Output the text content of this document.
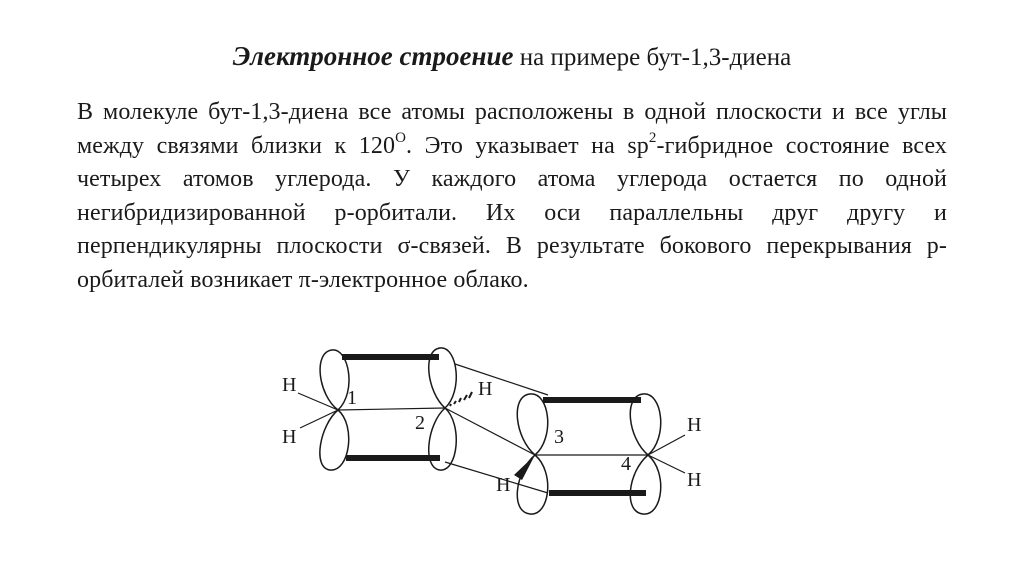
Электронное строение на примере бут-1,3-диена
В молекуле бут-1,3-диена все атомы расположены в одной плоскости и все углы между связями близки к $120^О$. Это указывает на $sp^2$-гибридное состояние всех четырех атомов углерода. У каждого атома углерода остается по одной негибридизированной p-орбитали. Их оси параллельны друг другу и перпендикулярны плоскости σ-связей. В результате бокового перекрывания p-орбиталей возникает π-электронное облако.
1
2
3
4
H
H
H
H
H
H
